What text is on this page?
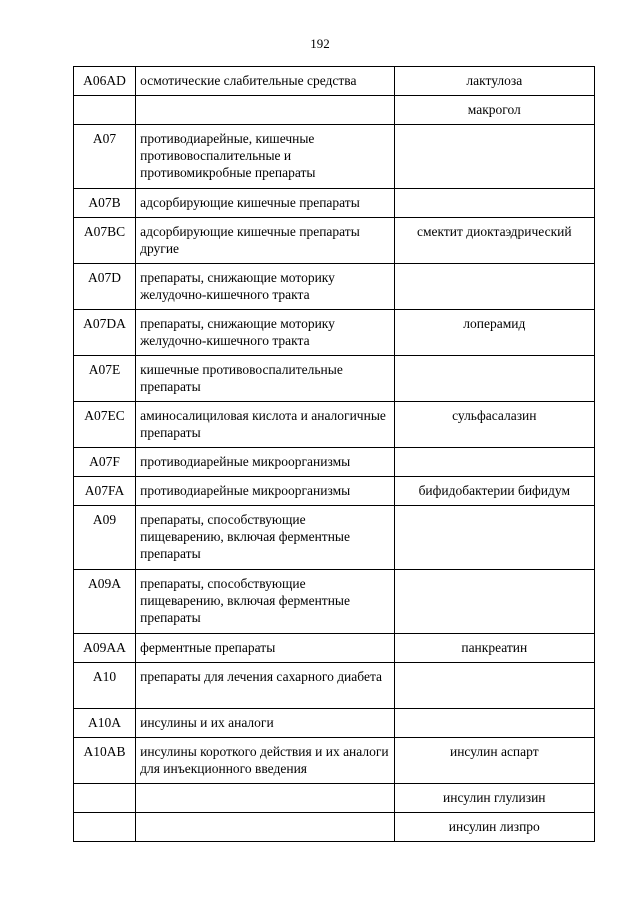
192
A06AD	осмотические слабительные средства	лактулоза
		макрогол
A07	противодиарейные, кишечные противовоспалительные и противомикробные препараты	
A07B	адсорбирующие кишечные препараты	
A07BC	адсорбирующие кишечные препараты другие	смектит диоктаэдрический
A07D	препараты, снижающие моторику желудочно-кишечного тракта	
A07DA	препараты, снижающие моторику желудочно-кишечного тракта	лоперамид
A07E	кишечные противовоспалительные препараты	
A07EC	аминосалициловая кислота и аналогичные препараты	сульфасалазин
A07F	противодиарейные микроорганизмы	
A07FA	противодиарейные микроорганизмы	бифидобактерии бифидум
A09	препараты, способствующие пищеварению, включая ферментные препараты	
A09A	препараты, способствующие пищеварению, включая ферментные препараты	
A09AA	ферментные препараты	панкреатин
A10	препараты для лечения сахарного диабета	
A10A	инсулины и их аналоги	
A10AB	инсулины короткого действия и их аналоги для инъекционного введения	инсулин аспарт
		инсулин глулизин
		инсулин лизпро
